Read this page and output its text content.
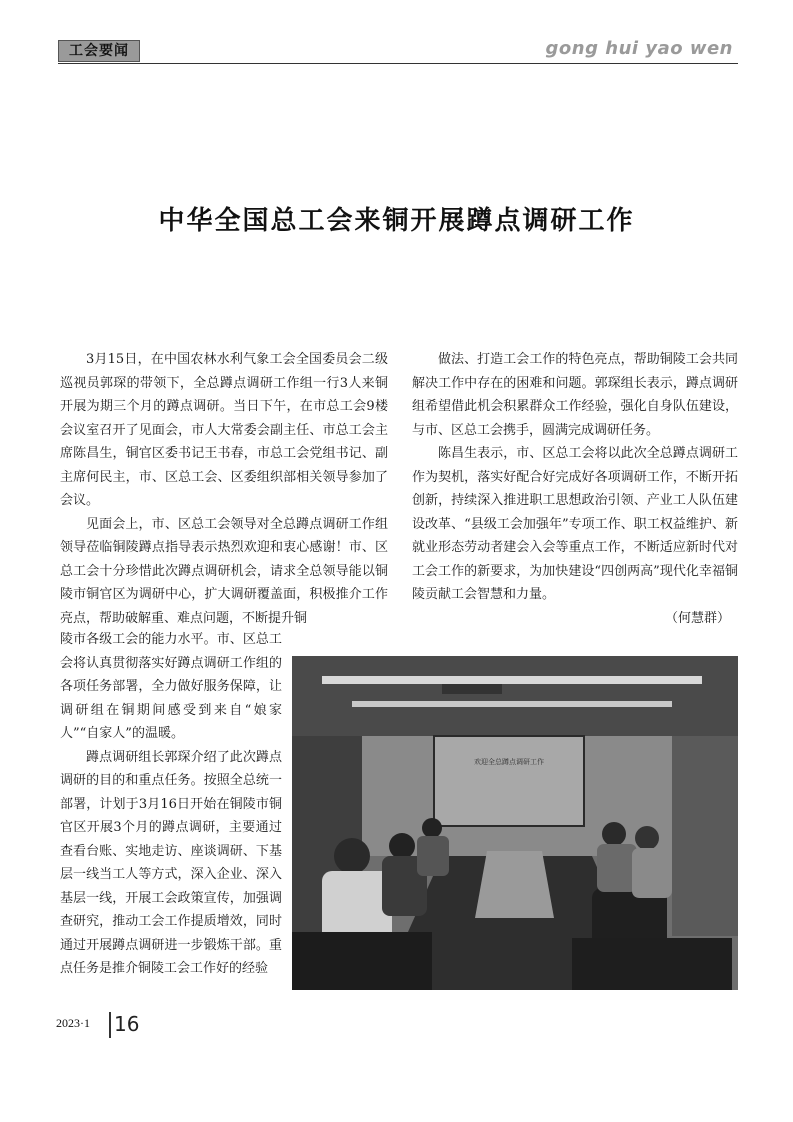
工会要闻	gong hui yao wen
中华全国总工会来铜开展蹲点调研工作

3月15日，在中国农林水利气象工会全国委员会二级巡视员郭琛的带领下，全总蹲点调研工作组一行3人来铜开展为期三个月的蹲点调研。当日下午，在市总工会9楼会议室召开了见面会，市人大常委会副主任、市总工会主席陈昌生，铜官区委书记王书春，市总工会党组书记、副主席何民主，市、区总工会、区委组织部相关领导参加了会议。

见面会上，市、区总工会领导对全总蹲点调研工作组领导莅临铜陵蹲点指导表示热烈欢迎和衷心感谢！市、区总工会十分珍惜此次蹲点调研机会，请求全总领导能以铜陵市铜官区为调研中心，扩大调研覆盖面，积极推介工作亮点，帮助破解重、难点问题，不断提升铜

陵市各级工会的能力水平。市、区总工会将认真贯彻落实好蹲点调研工作组的各项任务部署，全力做好服务保障，让调研组在铜期间感受到来自“娘家人”“自家人”的温暖。

蹲点调研组长郭琛介绍了此次蹲点调研的目的和重点任务。按照全总统一部署，计划于3月16日开始在铜陵市铜官区开展3个月的蹲点调研，主要通过查看台账、实地走访、座谈调研、下基层一线当工人等方式，深入企业、深入基层一线，开展工会政策宣传，加强调查研究，推动工会工作提质增效，同时通过开展蹲点调研进一步锻炼干部。重点任务是推介铜陵工会工作好的经验

做法、打造工会工作的特色亮点，帮助铜陵工会共同解决工作中存在的困难和问题。郭琛组长表示，蹲点调研组希望借此机会积累群众工作经验，强化自身队伍建设，与市、区总工会携手，圆满完成调研任务。

陈昌生表示，市、区总工会将以此次全总蹲点调研工作为契机，落实好配合好完成好各项调研工作，不断开拓创新，持续深入推进职工思想政治引领、产业工人队伍建设改革、“县级工会加强年”专项工作、职工权益维护、新就业形态劳动者建会入会等重点工作，不断适应新时代对工会工作的新要求，为加快建设“四创两高”现代化幸福铜陵贡献工会智慧和力量。

（何慧群）

欢迎全总蹲点调研工作
2023·1 16
